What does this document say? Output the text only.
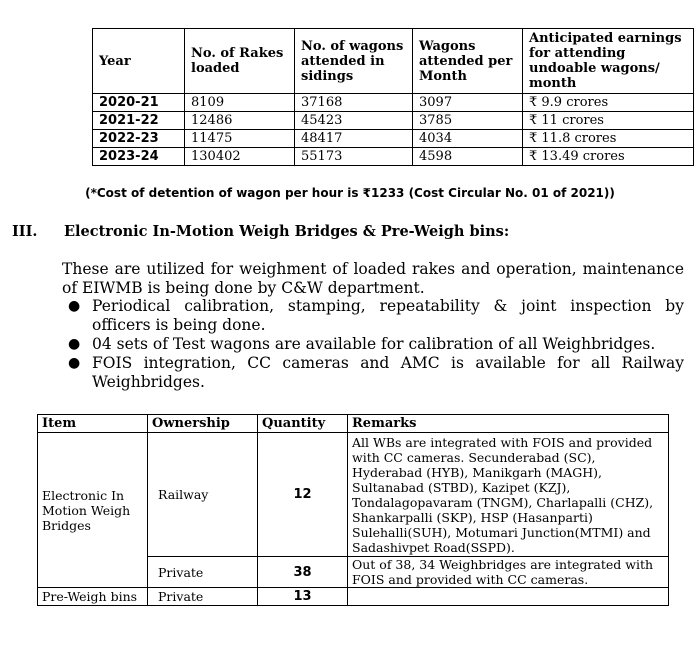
Year	No. of Rakes loaded	No. of wagons attended in sidings	Wagons attended per Month	Anticipated earnings for attending undoable wagons/ month
2020-21	8109	37168	3097	₹ 9.9 crores
2021-22	12486	45423	3785	₹ 11 crores
2022-23	11475	48417	4034	₹ 11.8 crores
2023-24	130402	55173	4598	₹ 13.49 crores
(*Cost of detention of wagon per hour is ₹1233 (Cost Circular No. 01 of 2021))
III. Electronic In-Motion Weigh Bridges & Pre-Weigh bins:
These are utilized for weighment of loaded rakes and operation, maintenance of EIWMB is being done by C&W department.
● Periodical calibration, stamping, repeatability & joint inspection by officers is being done.
● 04 sets of Test wagons are available for calibration of all Weighbridges.
● FOIS integration, CC cameras and AMC is available for all Railway Weighbridges.
Item	Ownership	Quantity	Remarks
Electronic In Motion Weigh Bridges	Railway	12	All WBs are integrated with FOIS and provided with CC cameras. Secunderabad (SC), Hyderabad (HYB), Manikgarh (MAGH), Sultanabad (STBD), Kazipet (KZJ), Tondalagopavaram (TNGM), Charlapalli (CHZ), Shankarpalli (SKP), HSP (Hasanparti) Sulehalli(SUH), Motumari Junction(MTMI) and Sadashivpet Road(SSPD).
	Private	38	Out of 38, 34 Weighbridges are integrated with FOIS and provided with CC cameras.
Pre-Weigh bins	Private	13	
